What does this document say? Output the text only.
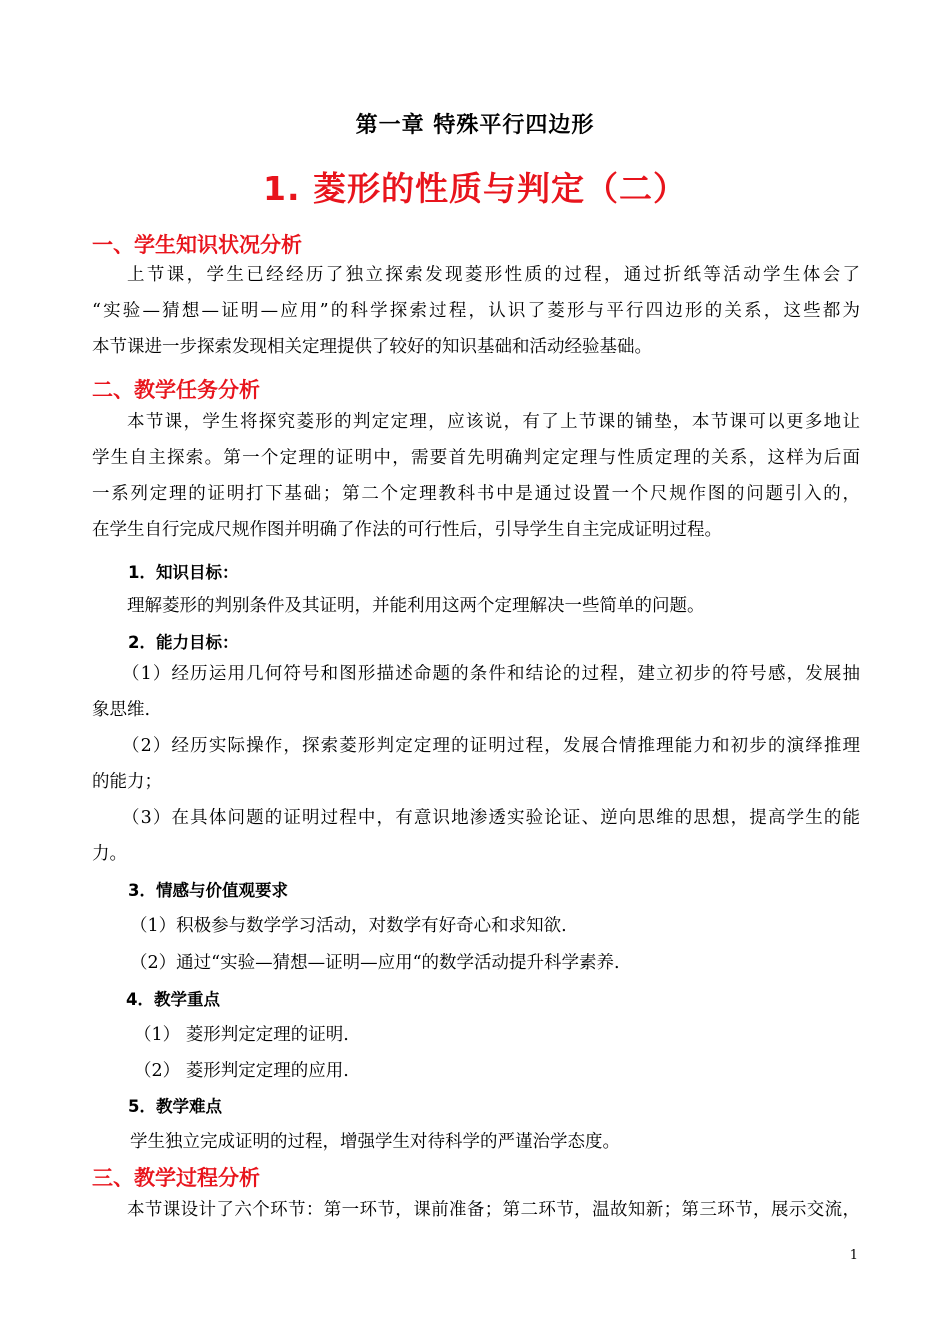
第一章 特殊平行四边形
1. 菱形的性质与判定（二）
一、学生知识状况分析
上节课，学生已经经历了独立探索发现菱形性质的过程，通过折纸等活动学生体会了
“实验—猜想—证明—应用”的科学探索过程，认识了菱形与平行四边形的关系，这些都为
本节课进一步探索发现相关定理提供了较好的知识基础和活动经验基础。
二、教学任务分析
本节课，学生将探究菱形的判定定理，应该说，有了上节课的铺垫，本节课可以更多地让
学生自主探索。第一个定理的证明中，需要首先明确判定定理与性质定理的关系，这样为后面
一系列定理的证明打下基础；第二个定理教科书中是通过设置一个尺规作图的问题引入的，
在学生自行完成尺规作图并明确了作法的可行性后，引导学生自主完成证明过程。
1．知识目标：
理解菱形的判别条件及其证明，并能利用这两个定理解决一些简单的问题。
2．能力目标：
（1）经历运用几何符号和图形描述命题的条件和结论的过程，建立初步的符号感，发展抽
象思维.
（2）经历实际操作，探索菱形判定定理的证明过程，发展合情推理能力和初步的演绎推理
的能力；
（3）在具体问题的证明过程中，有意识地渗透实验论证、逆向思维的思想，提高学生的能
力。
3．情感与价值观要求
（1）积极参与数学学习活动，对数学有好奇心和求知欲.
（2）通过“实验—猜想—证明—应用“的数学活动提升科学素养.
4．教学重点
（1） 菱形判定定理的证明.
（2） 菱形判定定理的应用.
5．教学难点
学生独立完成证明的过程，增强学生对待科学的严谨治学态度。
三、教学过程分析
本节课设计了六个环节：第一环节，课前准备；第二环节，温故知新；第三环节，展示交流，
1
